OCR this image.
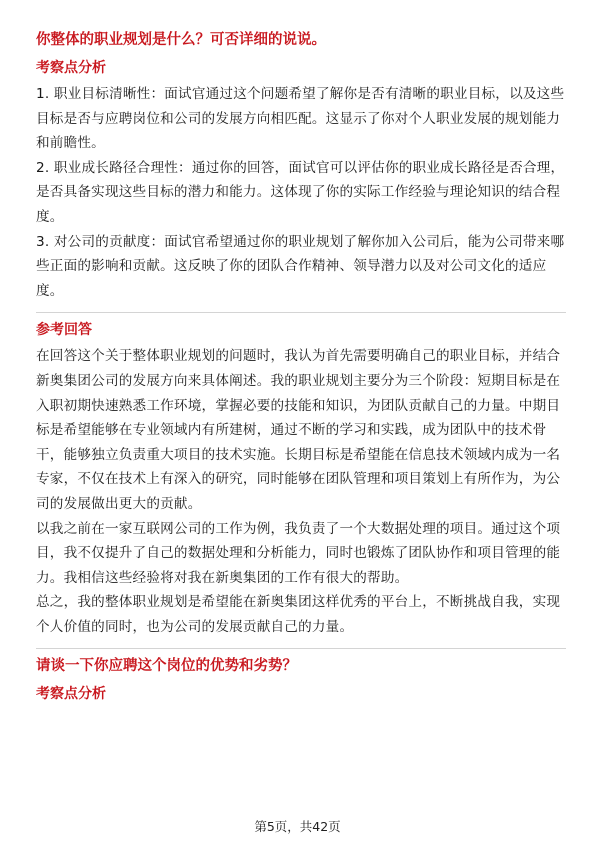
你整体的职业规划是什么？可否详细的说说。

考察点分析

1. 职业目标清晰性：面试官通过这个问题希望了解你是否有清晰的职业目标，以及这些目标是否与应聘岗位和公司的发展方向相匹配。这显示了你对个人职业发展的规划能力和前瞻性。

2. 职业成长路径合理性：通过你的回答，面试官可以评估你的职业成长路径是否合理，是否具备实现这些目标的潜力和能力。这体现了你的实际工作经验与理论知识的结合程度。

3. 对公司的贡献度：面试官希望通过你的职业规划了解你加入公司后，能为公司带来哪些正面的影响和贡献。这反映了你的团队合作精神、领导潜力以及对公司文化的适应度。

参考回答

在回答这个关于整体职业规划的问题时，我认为首先需要明确自己的职业目标，并结合新奥集团公司的发展方向来具体阐述。我的职业规划主要分为三个阶段：短期目标是在入职初期快速熟悉工作环境，掌握必要的技能和知识，为团队贡献自己的力量。中期目标是希望能够在专业领域内有所建树，通过不断的学习和实践，成为团队中的技术骨干，能够独立负责重大项目的技术实施。长期目标是希望能在信息技术领域内成为一名专家，不仅在技术上有深入的研究，同时能够在团队管理和项目策划上有所作为，为公司的发展做出更大的贡献。

以我之前在一家互联网公司的工作为例，我负责了一个大数据处理的项目。通过这个项目，我不仅提升了自己的数据处理和分析能力，同时也锻炼了团队协作和项目管理的能力。我相信这些经验将对我在新奥集团的工作有很大的帮助。

总之，我的整体职业规划是希望能在新奥集团这样优秀的平台上，不断挑战自我，实现个人价值的同时，也为公司的发展贡献自己的力量。

请谈一下你应聘这个岗位的优势和劣势？

考察点分析

第5页，共42页
